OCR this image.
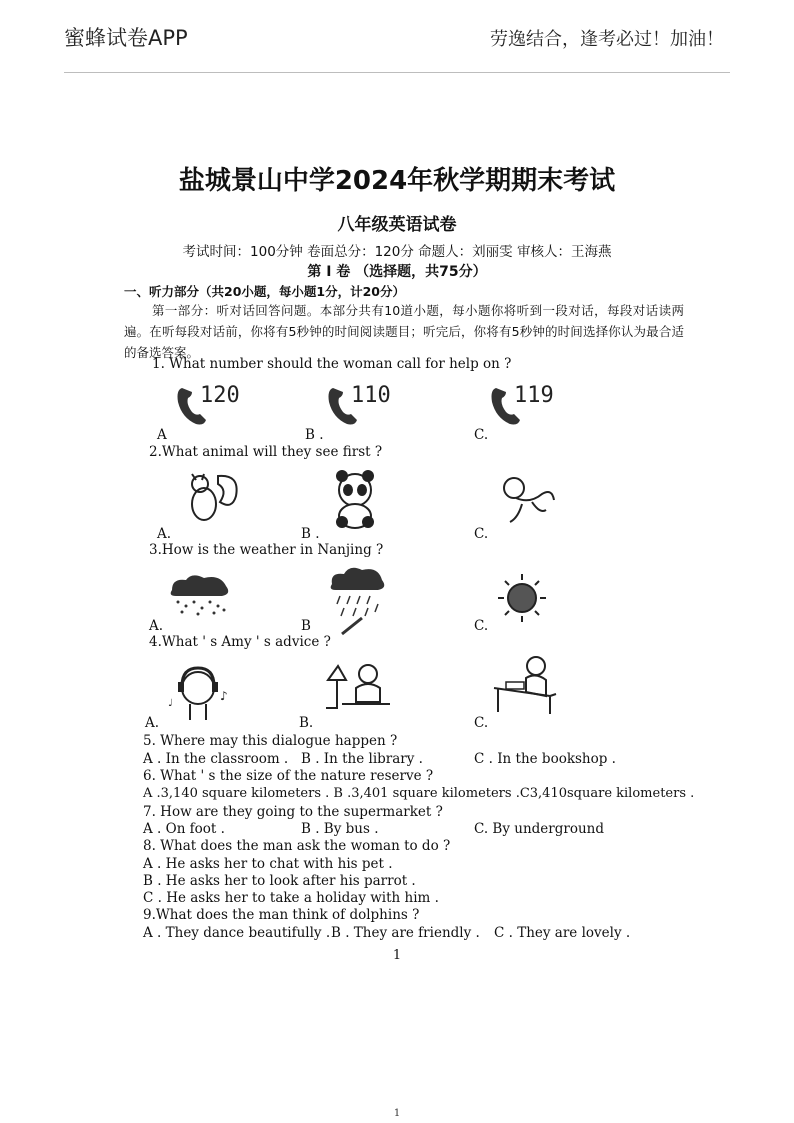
蜜蜂试卷APP	劳逸结合，逢考必过！加油！
盐城景山中学2024年秋学期期末考试
八年级英语试卷
考试时间：100分钟 卷面总分：120分 命题人：刘丽雯 审核人：王海燕
第 Ⅰ 卷 （选择题，共75分）
一、听力部分（共20小题，每小题1分，计20分）
第一部分：听对话回答问题。本部分共有10道小题，每小题你将听到一段对话，每段对话读两遍。在听每段对话前，你将有5秒钟的时间阅读题目；听完后，你将有5秒钟的时间选择你认为最合适的备选答案。
1. What number should the woman call for help on ?
120	110	119
A	B .	C.
2.What animal will they see first ?
A.	B .	C.
3.How is the weather in Nanjing ?
A.	B	C.
4.What ' s Amy ' s advice ?
♪
♩
A.	B.	C.
5. Where may this dialogue happen ?
A . In the classroom . B . In the library .	C . In the bookshop .
6. What ' s the size of the nature reserve ?
A .3,140 square kilometers . B .3,401 square kilometers .C3,410square kilometers .
7. How are they going to the supermarket ?
A . On foot .	B . By bus .	C. By underground
8. What does the man ask the woman to do ?
A . He asks her to chat with his pet .
B . He asks her to look after his parrot .
C . He asks her to take a holiday with him .
9.What does the man think of dolphins ?
A . They dance beautifully . B . They are friendly . C . They are lovely .
1
1
